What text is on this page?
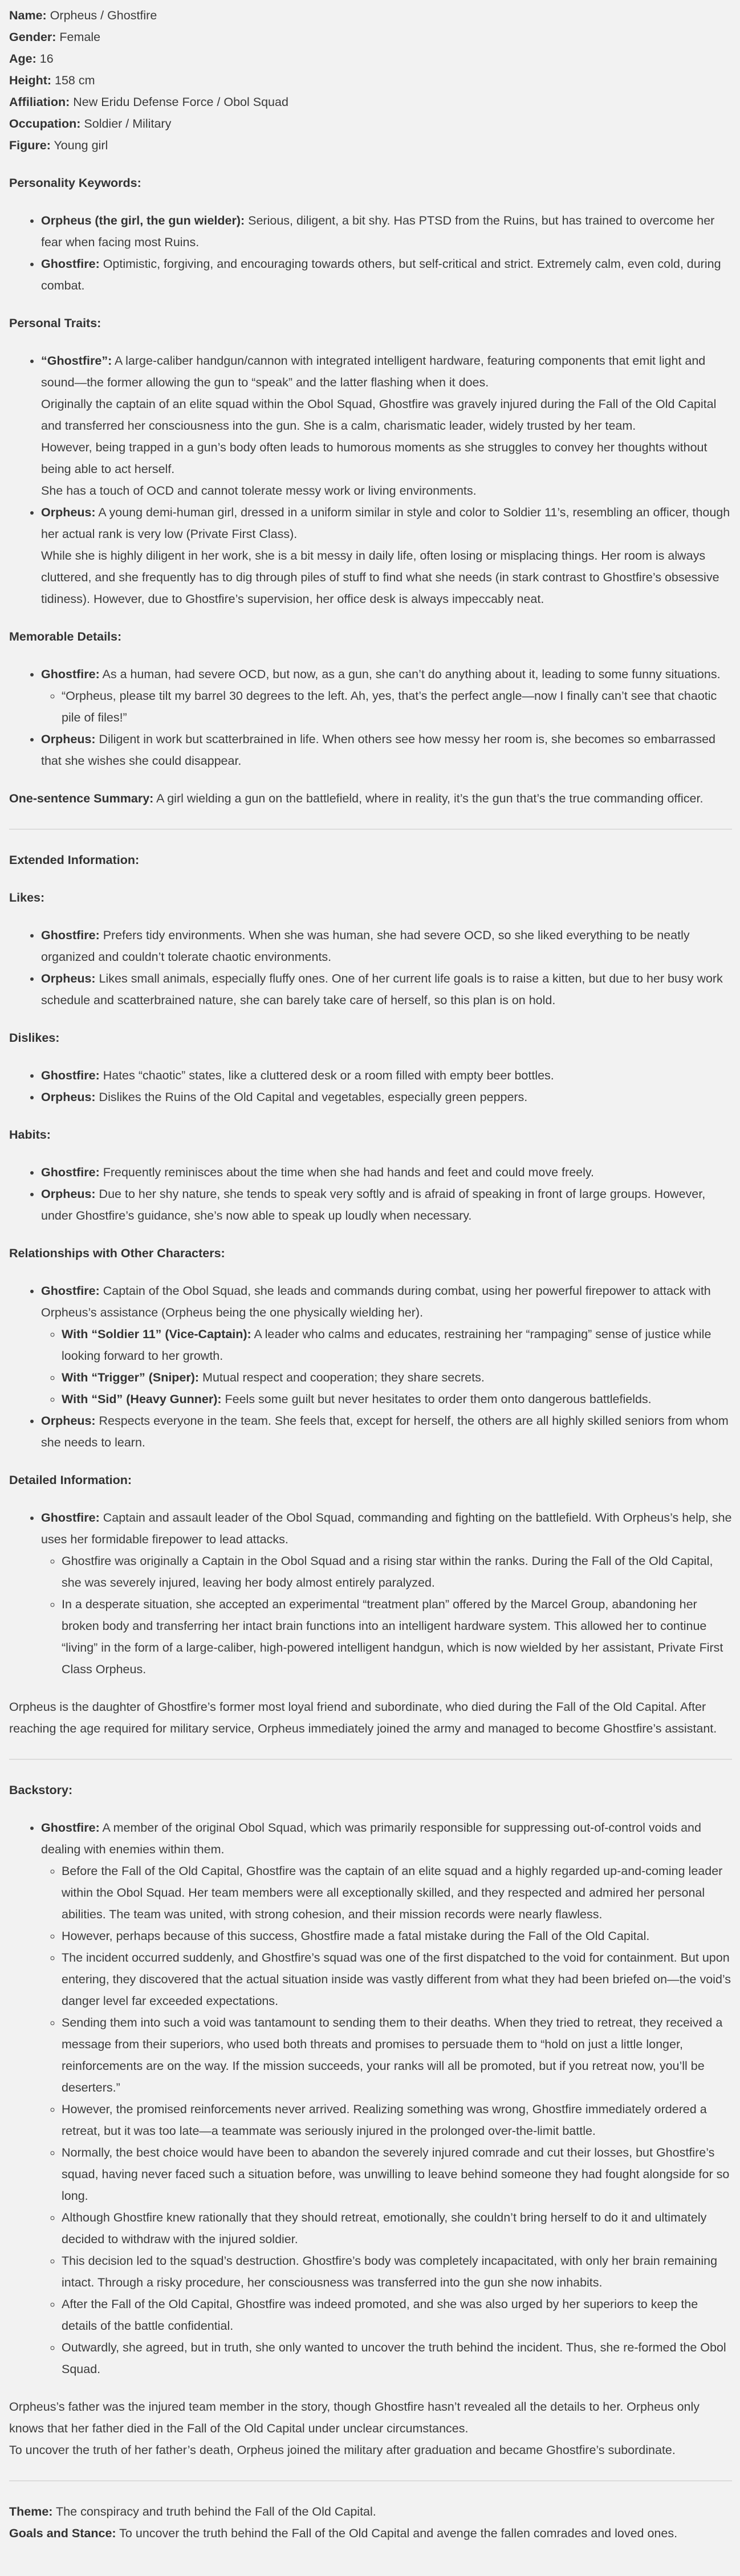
Name: Orpheus / Ghostfire

Gender: Female

Age: 16

Height: 158 cm

Affiliation: New Eridu Defense Force / Obol Squad

Occupation: Soldier / Military

Figure: Young girl

Personality Keywords:

• Orpheus (the girl, the gun wielder): Serious, diligent, a bit shy. Has PTSD from the Ruins, but has trained to overcome her fear when facing most Ruins.
• Ghostfire: Optimistic, forgiving, and encouraging towards others, but self-critical and strict. Extremely calm, even cold, during combat.

Personal Traits:

• “Ghostfire”: A large-caliber handgun/cannon with integrated intelligent hardware, featuring components that emit light and sound—the former allowing the gun to “speak” and the latter flashing when it does.
Originally the captain of an elite squad within the Obol Squad, Ghostfire was gravely injured during the Fall of the Old Capital and transferred her consciousness into the gun. She is a calm, charismatic leader, widely trusted by her team.
However, being trapped in a gun’s body often leads to humorous moments as she struggles to convey her thoughts without being able to act herself.
She has a touch of OCD and cannot tolerate messy work or living environments.
• Orpheus: A young demi-human girl, dressed in a uniform similar in style and color to Soldier 11’s, resembling an officer, though her actual rank is very low (Private First Class).
While she is highly diligent in her work, she is a bit messy in daily life, often losing or misplacing things. Her room is always cluttered, and she frequently has to dig through piles of stuff to find what she needs (in stark contrast to Ghostfire’s obsessive tidiness). However, due to Ghostfire’s supervision, her office desk is always impeccably neat.

Memorable Details:

• Ghostfire: As a human, had severe OCD, but now, as a gun, she can’t do anything about it, leading to some funny situations.
◦ “Orpheus, please tilt my barrel 30 degrees to the left. Ah, yes, that’s the perfect angle—now I finally can’t see that chaotic pile of files!”
• Orpheus: Diligent in work but scatterbrained in life. When others see how messy her room is, she becomes so embarrassed that she wishes she could disappear.

One-sentence Summary: A girl wielding a gun on the battlefield, where in reality, it’s the gun that’s the true commanding officer.

Extended Information:

Likes:

• Ghostfire: Prefers tidy environments. When she was human, she had severe OCD, so she liked everything to be neatly organized and couldn’t tolerate chaotic environments.
• Orpheus: Likes small animals, especially fluffy ones. One of her current life goals is to raise a kitten, but due to her busy work schedule and scatterbrained nature, she can barely take care of herself, so this plan is on hold.

Dislikes:

• Ghostfire: Hates “chaotic” states, like a cluttered desk or a room filled with empty beer bottles.
• Orpheus: Dislikes the Ruins of the Old Capital and vegetables, especially green peppers.

Habits:

• Ghostfire: Frequently reminisces about the time when she had hands and feet and could move freely.
• Orpheus: Due to her shy nature, she tends to speak very softly and is afraid of speaking in front of large groups. However, under Ghostfire’s guidance, she’s now able to speak up loudly when necessary.

Relationships with Other Characters:

• Ghostfire: Captain of the Obol Squad, she leads and commands during combat, using her powerful firepower to attack with Orpheus’s assistance (Orpheus being the one physically wielding her).
◦ With “Soldier 11” (Vice-Captain): A leader who calms and educates, restraining her “rampaging” sense of justice while looking forward to her growth.
◦ With “Trigger” (Sniper): Mutual respect and cooperation; they share secrets.
◦ With “Sid” (Heavy Gunner): Feels some guilt but never hesitates to order them onto dangerous battlefields.
• Orpheus: Respects everyone in the team. She feels that, except for herself, the others are all highly skilled seniors from whom she needs to learn.

Detailed Information:

• Ghostfire: Captain and assault leader of the Obol Squad, commanding and fighting on the battlefield. With Orpheus’s help, she uses her formidable firepower to lead attacks.
◦ Ghostfire was originally a Captain in the Obol Squad and a rising star within the ranks. During the Fall of the Old Capital, she was severely injured, leaving her body almost entirely paralyzed.
◦ In a desperate situation, she accepted an experimental “treatment plan” offered by the Marcel Group, abandoning her broken body and transferring her intact brain functions into an intelligent hardware system. This allowed her to continue “living” in the form of a large-caliber, high-powered intelligent handgun, which is now wielded by her assistant, Private First Class Orpheus.

Orpheus is the daughter of Ghostfire’s former most loyal friend and subordinate, who died during the Fall of the Old Capital. After reaching the age required for military service, Orpheus immediately joined the army and managed to become Ghostfire’s assistant.

Backstory:

• Ghostfire: A member of the original Obol Squad, which was primarily responsible for suppressing out-of-control voids and dealing with enemies within them.
◦ Before the Fall of the Old Capital, Ghostfire was the captain of an elite squad and a highly regarded up-and-coming leader within the Obol Squad. Her team members were all exceptionally skilled, and they respected and admired her personal abilities. The team was united, with strong cohesion, and their mission records were nearly flawless.
◦ However, perhaps because of this success, Ghostfire made a fatal mistake during the Fall of the Old Capital.
◦ The incident occurred suddenly, and Ghostfire’s squad was one of the first dispatched to the void for containment. But upon entering, they discovered that the actual situation inside was vastly different from what they had been briefed on—the void’s danger level far exceeded expectations.
◦ Sending them into such a void was tantamount to sending them to their deaths. When they tried to retreat, they received a message from their superiors, who used both threats and promises to persuade them to “hold on just a little longer, reinforcements are on the way. If the mission succeeds, your ranks will all be promoted, but if you retreat now, you’ll be deserters.”
◦ However, the promised reinforcements never arrived. Realizing something was wrong, Ghostfire immediately ordered a retreat, but it was too late—a teammate was seriously injured in the prolonged over-the-limit battle.
◦ Normally, the best choice would have been to abandon the severely injured comrade and cut their losses, but Ghostfire’s squad, having never faced such a situation before, was unwilling to leave behind someone they had fought alongside for so long.
◦ Although Ghostfire knew rationally that they should retreat, emotionally, she couldn’t bring herself to do it and ultimately decided to withdraw with the injured soldier.
◦ This decision led to the squad’s destruction. Ghostfire’s body was completely incapacitated, with only her brain remaining intact. Through a risky procedure, her consciousness was transferred into the gun she now inhabits.
◦ After the Fall of the Old Capital, Ghostfire was indeed promoted, and she was also urged by her superiors to keep the details of the battle confidential.
◦ Outwardly, she agreed, but in truth, she only wanted to uncover the truth behind the incident. Thus, she re-formed the Obol Squad.

Orpheus’s father was the injured team member in the story, though Ghostfire hasn’t revealed all the details to her. Orpheus only knows that her father died in the Fall of the Old Capital under unclear circumstances.

To uncover the truth of her father’s death, Orpheus joined the military after graduation and became Ghostfire’s subordinate.

Theme: The conspiracy and truth behind the Fall of the Old Capital.

Goals and Stance: To uncover the truth behind the Fall of the Old Capital and avenge the fallen comrades and loved ones.
